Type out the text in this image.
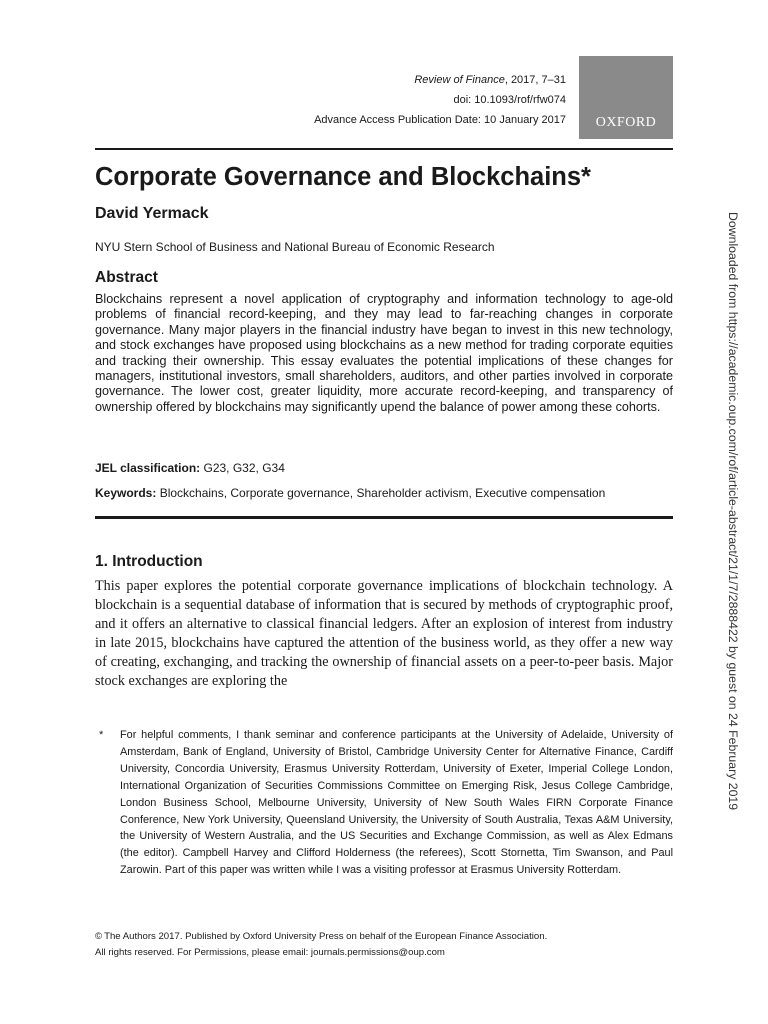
Review of Finance, 2017, 7–31
doi: 10.1093/rof/rfw074
Advance Access Publication Date: 10 January 2017	OXFORD
Corporate Governance and Blockchains*

David Yermack

NYU Stern School of Business and National Bureau of Economic Research

Abstract

Blockchains represent a novel application of cryptography and information technology to age-old problems of financial record-keeping, and they may lead to far-reaching changes in corporate governance. Many major players in the financial industry have began to invest in this new technology, and stock exchanges have proposed using blockchains as a new method for trading corporate equities and tracking their ownership. This essay evaluates the potential implications of these changes for managers, institutional investors, small shareholders, auditors, and other parties involved in corporate governance. The lower cost, greater liquidity, more accurate record-keeping, and transparency of ownership offered by blockchains may significantly upend the balance of power among these cohorts.

JEL classification: G23, G32, G34

Keywords: Blockchains, Corporate governance, Shareholder activism, Executive compensation

1. Introduction

This paper explores the potential corporate governance implications of blockchain technology. A blockchain is a sequential database of information that is secured by methods of cryptographic proof, and it offers an alternative to classical financial ledgers. After an explosion of interest from industry in late 2015, blockchains have captured the attention of the business world, as they offer a new way of creating, exchanging, and tracking the ownership of financial assets on a peer-to-peer basis. Major stock exchanges are exploring the

* For helpful comments, I thank seminar and conference participants at the University of Adelaide, University of Amsterdam, Bank of England, University of Bristol, Cambridge University Center for Alternative Finance, Cardiff University, Concordia University, Erasmus University Rotterdam, University of Exeter, Imperial College London, International Organization of Securities Commissions Committee on Emerging Risk, Jesus College Cambridge, London Business School, Melbourne University, University of New South Wales FIRN Corporate Finance Conference, New York University, Queensland University, the University of South Australia, Texas A&M University, the University of Western Australia, and the US Securities and Exchange Commission, as well as Alex Edmans (the editor). Campbell Harvey and Clifford Holderness (the referees), Scott Stornetta, Tim Swanson, and Paul Zarowin. Part of this paper was written while I was a visiting professor at Erasmus University Rotterdam.

© The Authors 2017. Published by Oxford University Press on behalf of the European Finance Association.
All rights reserved. For Permissions, please email: journals.permissions@oup.com
Downloaded from https://academic.oup.com/rof/article-abstract/21/1/7/2888422 by guest on 24 February 2019
